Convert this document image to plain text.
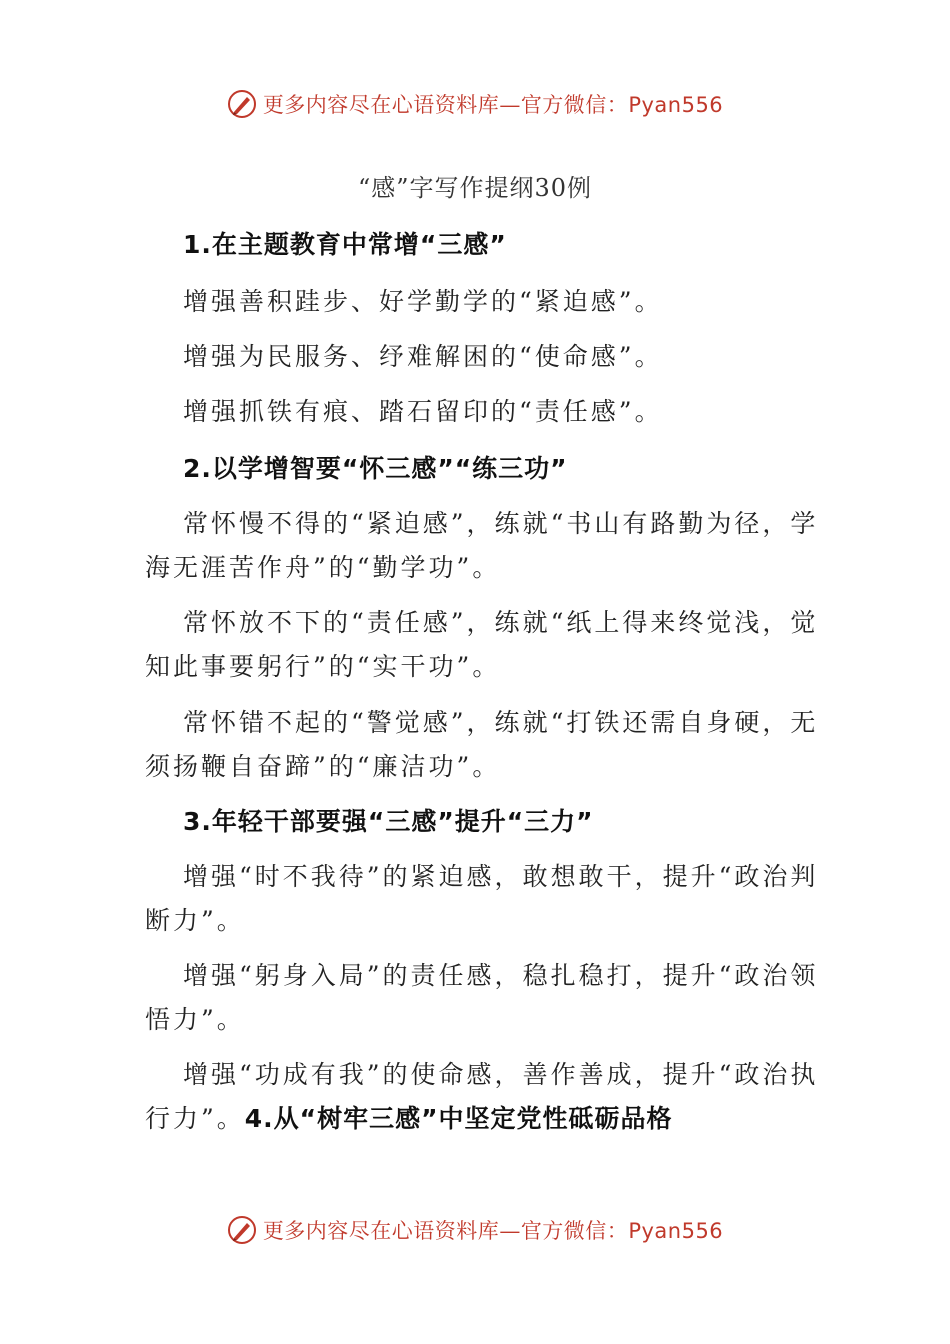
更多内容尽在心语资料库—官方微信：Pyan556
“感”字写作提纲30例
1.在主题教育中常增“三感”
增强善积跬步、好学勤学的“紧迫感”。
增强为民服务、纾难解困的“使命感”。
增强抓铁有痕、踏石留印的“责任感”。
2.以学增智要“怀三感”“练三功”
常怀慢不得的“紧迫感”，练就“书山有路勤为径，学
海无涯苦作舟”的“勤学功”。
常怀放不下的“责任感”，练就“纸上得来终觉浅，觉
知此事要躬行”的“实干功”。
常怀错不起的“警觉感”，练就“打铁还需自身硬，无
须扬鞭自奋蹄”的“廉洁功”。
3.年轻干部要强“三感”提升“三力”
增强“时不我待”的紧迫感，敢想敢干，提升“政治判
断力”。
增强“躬身入局”的责任感，稳扎稳打，提升“政治领
悟力”。
增强“功成有我”的使命感，善作善成，提升“政治执
行力”。4.从“树牢三感”中坚定党性砥砺品格
更多内容尽在心语资料库—官方微信：Pyan556
